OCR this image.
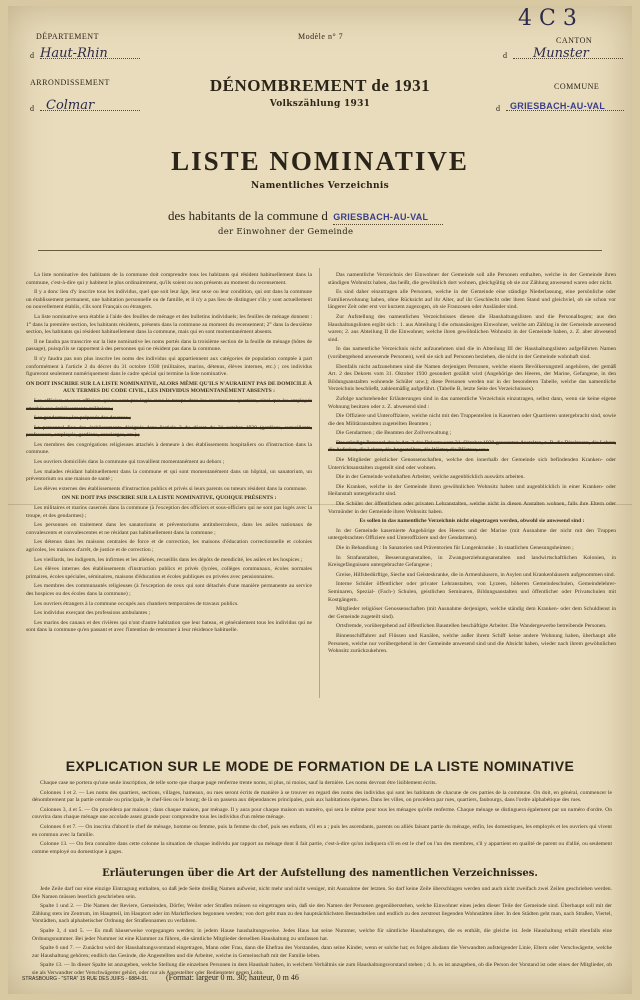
DÉPARTEMENT	Modèle n° 7
4 C 3
CANTON
d Haut-Rhin	d	Munster
ARRONDISSEMENT	COMMUNE
d Colmar	d	GRIESBACH-AU-VAL
DÉNOMBREMENT de 1931
Volkszählung 1931
LISTE NOMINATIVE
Namentliches Verzeichnis
des habitants de la commune d GRIESBACH-AU-VAL
der Einwohner der Gemeinde

La liste nominative des habitants de la commune doit comprendre tous les habitants qui résident habituellement dans la commune, c'est-à-dire qui y habitent le plus ordinairement, qu'ils soient ou non présents au moment du recensement.

Il y a donc lieu d'y inscrire tous les individus, quel que soit leur âge, leur sexe ou leur condition, qui ont dans la commune un établissement permanent, une habitation personnelle ou de famille, et il n'y a pas lieu de distinguer s'ils y sont actuellement ou nouvellement établis, s'ils sont Français ou étrangers.

La liste nominative sera établie à l'aide des feuilles de ménage et des bulletins individuels; les feuilles de ménage donnent : 1° dans la première section, les habitants résidents, présents dans la commune au moment du recensement; 2° dans la deuxième section, les habitants qui résident habituellement dans la commune, mais qui en sont momentanément absents.

Il ne faudra pas transcrire sur la liste nominative les noms portés dans la troisième section de la feuille de ménage (hôtes de passage), puisqu'ils se rapportent à des personnes qui ne résident pas dans la commune.

Il n'y faudra pas non plus inscrire les noms des individus qui appartiennent aux catégories de population comptée à part conformément à l'article 2 du décret du 31 octobre 1930 (militaires, marins, détenus, élèves internes, etc.) ; ces individus figureront seulement numériquement dans le cadre spécial qui termine la liste nominative.

ON DOIT INSCRIRE SUR LA LISTE NOMINATIVE, ALORS MÊME QU'ILS N'AURAIENT PAS DE DOMICILE À AUX TERMES DU CODE CIVIL, LES INDIVIDUS MOMENTANÉMENT ABSENTS :

Les officiers et sous-officiers qui ne sont pas logés avec la troupe dans les casernes ou quartiers, ainsi que les employés attachés aux établissements militaires ;

Les gendarmes ; les préposés des douanes ;

Le personnel fixe des établissements désignés dans l'article 2 du décret du 31 octobre 1930 (gardiens, surveillants, professeurs, employés, gardiens, concierges, etc.) ;

Les membres des congrégations religieuses attachés à demeure à des établissements hospitaliers ou d'instruction dans la commune.

Les ouvriers domiciliés dans la commune qui travaillent momentanément au dehors ;

Les malades résidant habituellement dans la commune et qui sont momentanément dans un hôpital, un sanatorium, un préventorium ou une maison de santé ;

Les élèves externes des établissements d'instruction publics et privés si leurs parents ou tuteurs résident dans la commune.

ON NE DOIT PAS INSCRIRE SUR LA LISTE NOMINATIVE, QUOIQUE PRÉSENTS :

Les militaires et marins casernés dans la commune (à l'exception des officiers et sous-officiers qui ne sont pas logés avec la troupe, et des gendarmes) ;

Les personnes en traitement dans les sanatoriums et préventoriums antituberculeux, dans les asiles nationaux de convalescents et convalescentes et ne résidant pas habituellement dans la commune ;

Les détenus dans les maisons centrales de force et de correction, les maisons d'éducation correctionnelle et colonies agricoles, les maisons d'arrêt, de justice et de correction ;

Les vieillards, les indigents, les infirmes et les aliénés, recueillis dans les dépôts de mendicité, les asiles et les hospices ;

Les élèves internes des établissements d'instruction publics et privés (lycées, collèges communaux, écoles normales primaires, écoles spéciales, séminaires, maisons d'éducation et écoles publiques ou privées avec pensionnaires.

Les membres des communautés religieuses (à l'exception de ceux qui sont détachés d'une manière permanente au service des hospices ou des écoles dans la commune) ;

Les ouvriers étrangers à la commune occupés aux chantiers temporaires de travaux publics.

Les individus exerçant des professions ambulantes ;

Les marins des canaux et des rivières qui n'ont d'autre habitation que leur bateau, et généralement tous les individus qui ne sont dans la commune qu'en passant et avec l'intention de retourner à leur résidence habituelle.

Das namentliche Verzeichnis der Einwohner der Gemeinde soll alle Personen enthalten, welche in der Gemeinde ihren ständigen Wohnsitz haben, das heißt, die gewöhnlich dort wohnen, gleichgültig ob sie zur Zählung anwesend waren oder nicht.

Es sind daher einzutragen alle Personen, welche in der Gemeinde eine ständige Niederlassung, eine persönliche oder Familienwohnung haben, ohne Rücksicht auf ihr Alter, auf ihr Geschlecht oder ihren Stand und gleichviel, ob sie schon vor längerer Zeit oder erst vor kurzem zugezogen, ob sie Franzosen oder Ausländer sind.

Zur Aufstellung des namentlichen Verzeichnisses dienen die Haushaltungslisten und die Personalbogen; aus den Haushaltungslisten ergibt sich : 1. aus Abteilung I die ortsansässigen Einwohner, welche am Zähltag in der Gemeinde anwesend waren; 2. aus Abteilung II die Einwohner, welche ihren gewöhnlichen Wohnsitz in der Gemeinde haben, z. Z. aber abwesend sind.

In das namentliche Verzeichnis nicht aufzunehmen sind die in Abteilung III der Haushaltungslisten aufgeführten Namen (vorübergehend anwesende Personen), weil sie sich auf Personen beziehen, die nicht in der Gemeinde wohnhaft sind.

Ebenfalls nicht aufzunehmen sind die Namen derjenigen Personen, welche einem Bevölkerungsteil angehören, der gemäß Art. 2 des Dekrets vom 31. Oktober 1930 gesondert gezählt wird (Angehörige des Heeres, der Marine, Gefangene, in den Bildungsanstalten wohnende Schüler usw.); diese Personen werden nur in der besonderen Tabelle, welche das namentliche Verzeichnis beschließt, zahlenmäßig aufgeführt. (Tabelle B, letzte Seite des Verzeichnisses).

Zufolge nachstehender Erläuterungen sind in das namentliche Verzeichnis einzutragen, selbst dann, wenn sie keine eigene Wohnung besitzen oder z. Z. abwesend sind :

Die Offiziere und Unteroffiziere, welche nicht mit den Truppenteilen in Kasernen oder Quartieren untergebracht sind, sowie die den Militäranstalten zugeteilten Beamten ;

Die Gendarmen ; die Beamten der Zollverwaltung ;

Das ständige Personal der in Art. 2 des Dekrets vom 31. Oktober 1930 genannten Anstalten, z. B. die Direktoren, die Lehrer, die Aufseher, die Lehrer, die Angestellten, die Wärter, die Pförtner, usw.

Die Mitglieder geistlicher Genossenschaften, welche den innerhalb der Gemeinde sich befindenden Kranken- oder Unterrichtsanstalten zugeteilt sind oder wohnen.

Die in der Gemeinde wohnhaften Arbeiter, welche augenblicklich auswärts arbeiten.

Die Kranken, welche in der Gemeinde ihren gewöhnlichen Wohnsitz haben und augenblicklich in einer Kranken- oder Heilanstalt untergebracht sind.

Die Schüler der öffentlichen oder privaten Lehranstalten, welche nicht in diesen Anstalten wohnen, falls ihre Eltern oder Vormünder in der Gemeinde ihren Wohnsitz haben.

Es sollen in das namentliche Verzeichnis nicht eingetragen werden, obwohl sie anwesend sind :

In der Gemeinde kasernierte Angehörige des Heeres und der Marine (mit Ausnahme der nicht mit den Truppen untergebrachten Offiziere und Unteroffiziere und der Gendarmen).

Die in Behandlung : In Sanatorien und Präventorien für Lungenkranke ; In staatlichen Genesungsheimen ;

In Strafanstalten, Besserungsanstalten, in Zwangserziehungsanstalten und landwirtschaftlichen Kolonien, in Kreisgefängnissen untergebrachte Gefangene ;

Greise, Hilfsbedürftige, Sieche und Geisteskranke, die in Armenhäusern, in Asylen und Krankenhäusern aufgenommen sind.

Interne Schüler öffentlicher oder privater Lehranstalten, von Lyzeen, höheren Gemeindeschulen, Gemeindelehrer-Seminaren, Spezial- (Fach-) Schulen, geistlichen Seminaren, Bildungsanstalten und öffentlicher oder Privatschulen mit Kostgängern.

Mitglieder religiöser Genossenschaften (mit Ausnahme derjenigen, welche ständig dem Kranken- oder dem Schuldienst in der Gemeinde zugeteilt sind).

Ortsfremde, vorübergehend auf öffentlichen Baustellen beschäftigte Arbeiter. Die Wandergewerbe betreibende Personen.

Binnenschiffahrer auf Flüssen und Kanälen, welche außer ihrem Schiff keine andere Wohnung haben, überhaupt alle Personen, welche nur vorübergehend in der Gemeinde anwesend sind und die Absicht haben, wieder nach ihrem gewöhnlichen Wohnsitz zurückzukehren.

EXPLICATION SUR LE MODE DE FORMATION DE LA LISTE NOMINATIVE

Chaque case ne portera qu'une seule inscription, de telle sorte que chaque page renferme trente noms, ni plus, ni moins, sauf la dernière. Les noms devront être lisiblement écrits.

Colonnes 1 et 2. — Les noms des quartiers, sections, villages, hameaux, ou rues seront écrits de manière à se trouver en regard des noms des individus qui sont les habitants de chacune de ces parties de la commune. On doit, en général, commencer le dénombrement par la partie centrale ou principale, le chef-lieu ou le bourg; de là on passera aux dépendances principales, puis aux habitations éparses. Dans les villes, on procédera par rues, quartiers, faubourgs, dans l'ordre alphabétique des rues.

Colonnes 3, 4 et 5. — On procédera par maison ; dans chaque maison, par ménage. Il y aura pour chaque maison un numéro, qui sera le même pour tous les ménages qu'elle renferme. Chaque ménage se distinguera également par un numéro d'ordre. On couvrira dans chaque ménage une accolade assez grande pour comprendre tous les individus d'un même ménage.

Colonnes 6 et 7. — On inscrira d'abord le chef de ménage, homme ou femme, puis la femme du chef, puis ses enfants, s'il en a ; puis les ascendants, parents ou alliés faisant partie du ménage, enfin, les domestiques, les employés et les ouvriers qui vivent en commun avec la famille.

Colonne 13. — On fera connaître dans cette colonne la situation de chaque individu par rapport au ménage dont il fait partie, c'est-à-dire qu'on indiquera s'il en est le chef ou l'un des membres, s'il y appartient en qualité de parent ou d'allié, ou seulement comme employé ou domestique à gages.

Erläuterungen über die Art der Aufstellung des namentlichen Verzeichnisses.

Jede Zeile darf nur eine einzige Eintragung enthalten, so daß jede Seite dreißig Namen aufweist, nicht mehr und nicht weniger, mit Ausnahme der letzten. So darf keine Zeile überschlagen werden und auch nicht zweifach zwei Zeilen geschrieben werden. Die Namen müssen leserlich geschrieben sein.

Spalte 1 und 2. — Die Namen der Reviere, Gemeinden, Dörfer, Weiler oder Straßen müssen so eingetragen sein, daß sie den Namen der Personen gegenüberstehen, welche Einwohner eines jeden dieser Teile der Gemeinde sind. Überhaupt soll mit der Zählung stets im Zentrum, im Hauptteil, im Hauptort oder im Marktflecken begonnen werden; von dort geht man zu den hauptsächlichsten Bestandteilen und endlich zu den zerstreut liegenden Wohnstätten über. In den Städten geht man, nach Straßen, Viertel, Vorstädten, nach alphabetischer Ordnung der Straßennamen zu verfahren.

Spalte 3, 4 und 5. — Es muß häuserweise vorgegangen werden; in jedem Hause haushaltungsweise. Jedes Haus hat seine Nummer, welche für sämtliche Haushaltungen, die es enthält, die gleiche ist. Jede Haushaltung erhält ebenfalls eine Ordnungsnummer. Bei jeder Nummer ist eine Klammer zu führen, die sämtliche Mitglieder derselben Haushaltung zu umfassen hat.

Spalte 6 und 7. — Zunächst wird der Haushaltungsvorstand eingetragen, Mann oder Frau, dann die Ehefrau des Vorstandes, dann seine Kinder, wenn er solche hat; es folgen alsdann die Verwandten aufsteigender Linie, Eltern oder Verschwägerte, welche zur Haushaltung gehören; endlich das Gesinde, die Angestellten und die Arbeiter, welche in Gemeinschaft mit der Familie leben.

Spalte 13. — In dieser Spalte ist anzugeben, welche Stellung die einzelnen Personen in dem Haushalt haben, in welchem Verhältnis sie zum Haushaltungsvorstand stehen ; d. h. es ist anzugeben, ob die Person der Vorstand ist oder eines der Mitglieder, ob sie als Verwandter oder Verschwägerter gehört, oder nur als Angestellter oder Bediensteter gegen Lohn.

STRASBOURG - "STRA" 15 RUE DES JUIFS - 6884-31. (Format: largeur 0 m. 30; hauteur, 0 m 46
